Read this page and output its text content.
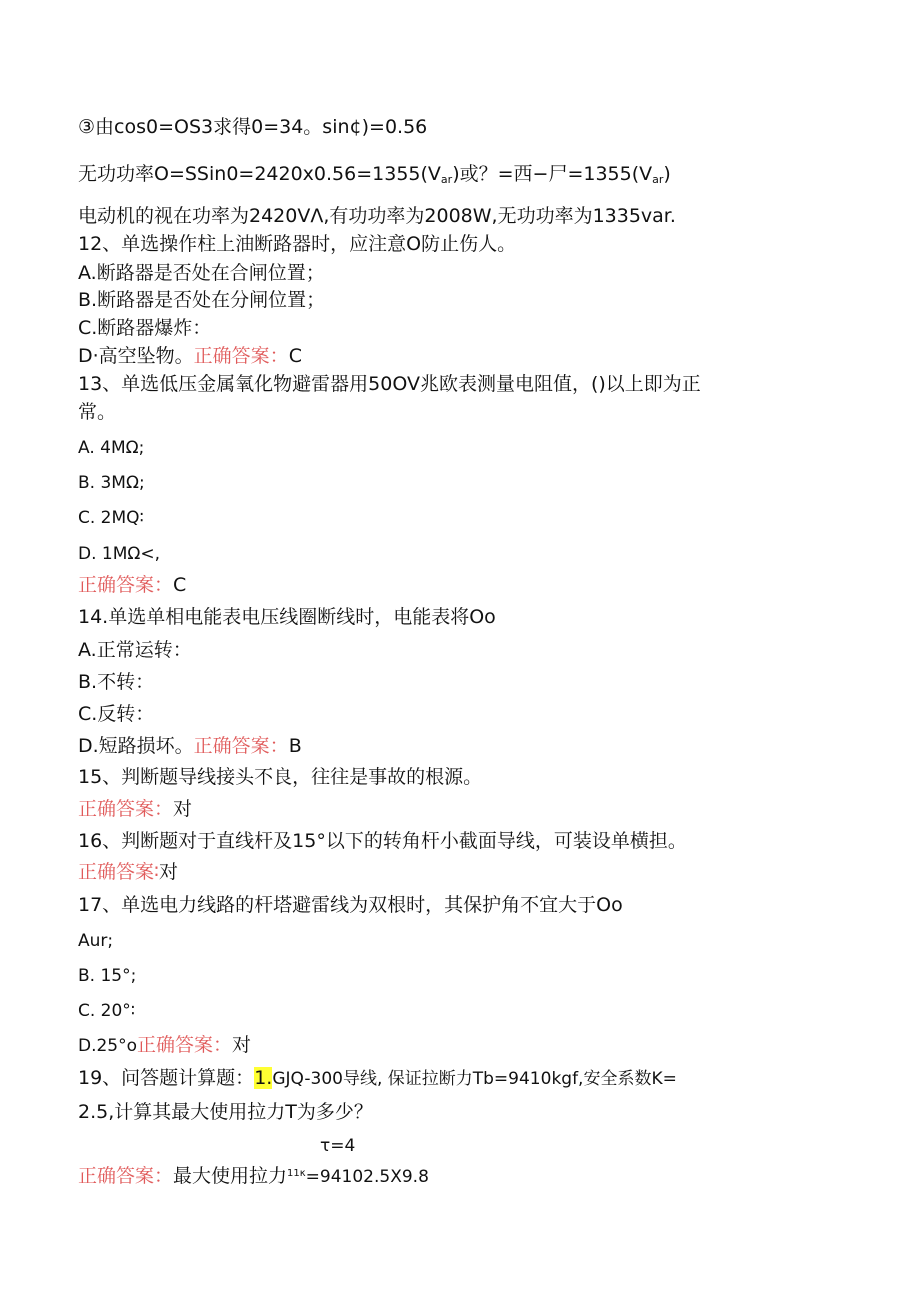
③由cos0=OS3求得0=34。sin¢)=0.56
无功功率$O=SSin0=2420x0.56=1355(V_{ar})$或？=西−尸$=1355(V_{ar})$
电动机的视在功率为2420VΛ,有功功率为2008W,无功功率为1335var.
12、单选操作柱上油断路器时，应注意O防止伤人。
A.断路器是否处在合闸位置；
B.断路器是否处在分闸位置；
C.断路器爆炸：
D·高空坠物。正确答案：C
13、单选低压金属氧化物避雷器用50OV兆欧表测量电阻值，()以上即为正
常。
A. 4MΩ;
B. 3MΩ;
C. 2MQ∶
D. 1MΩ<,
正确答案：C
14.单选单相电能表电压线圈断线时，电能表将Oo
A.正常运转：
B.不转：
C.反转：
D.短路损坏。正确答案：B
15、判断题导线接头不良，往往是事故的根源。
正确答案：对
16、判断题对于直线杆及15°以下的转角杆小截面导线，可装设单横担。
正确答案∶对
17、单选电力线路的杆塔避雷线为双根时，其保护角不宜大于Oo
Aur;
B. 15°;
C. 20°∶
D.25°o正确答案：对
19、问答题计算题：1.GJQ-300导线, 保证拉断力Tb=9410kgf,安全系数K=
2.5,计算其最大使用拉力T为多少？
τ=4
正确答案：最大使用拉力$^{11\kappa}$=94102.5X9.8
